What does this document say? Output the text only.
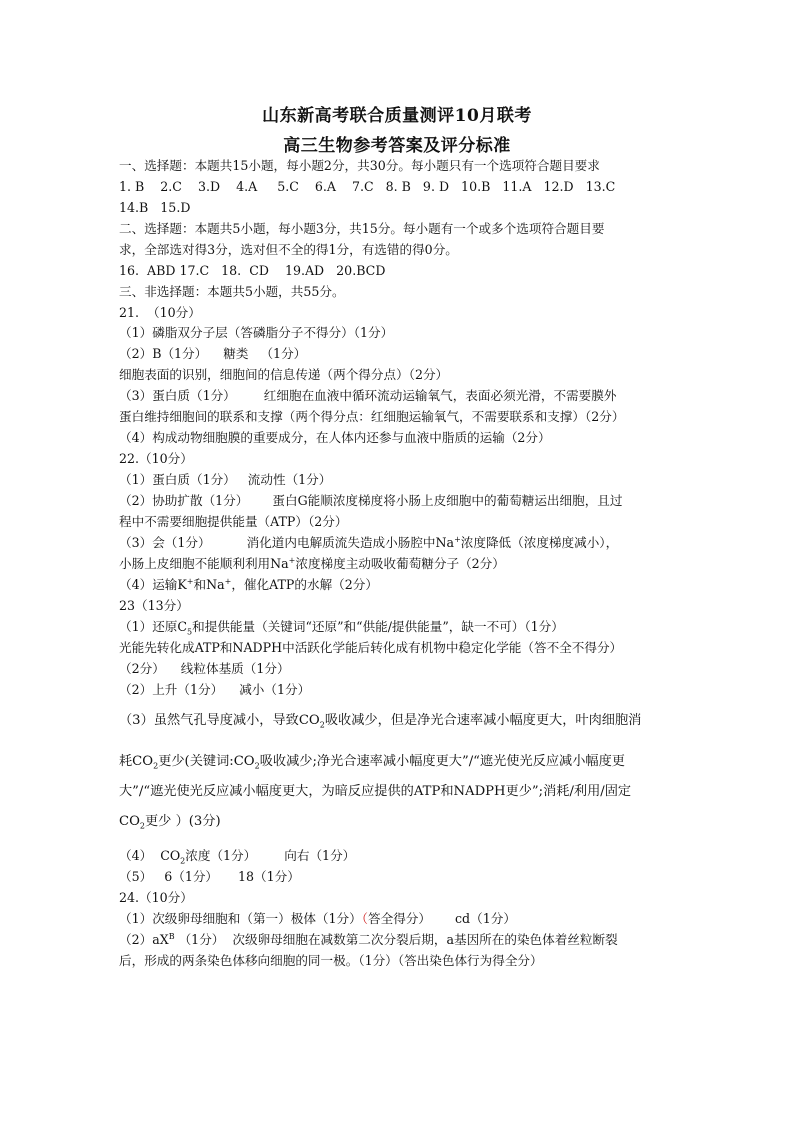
山东新高考联合质量测评10月联考
高三生物参考答案及评分标准
一、选择题：本题共15小题，每小题2分，共30分。每小题只有一个选项符合题目要求
1. B    2.C    3.D    4.A     5.C    6.A    7.C   8. B   9. D   10.B   11.A   12.D   13.C
14.B   15.D
二、选择题：本题共5小题，每小题3分，共15分。每小题有一个或多个选项符合题目要
求，全部选对得3分，选对但不全的得1分，有选错的得0分。
16.  ABD 17.C   18.  CD    19.AD   20.BCD
三、非选择题：本题共5小题，共55分。
21.  （10分）
（1）磷脂双分子层（答磷脂分子不得分）（1分）
（2）B（1分）    糖类   （1分）
细胞表面的识别，细胞间的信息传递（两个得分点）（2分）
（3）蛋白质（1分）       红细胞在血液中循环流动运输氧气，表面必须光滑，不需要膜外
蛋白维持细胞间的联系和支撑（两个得分点：红细胞运输氧气，不需要联系和支撑）（2分）
（4）构成动物细胞膜的重要成分，在人体内还参与血液中脂质的运输（2分）
22.（10分）
（1）蛋白质（1分）   流动性（1分）
（2）协助扩散（1分）      蛋白G能顺浓度梯度将小肠上皮细胞中的葡萄糖运出细胞，且过
程中不需要细胞提供能量（ATP）（2分）
（3）会（1分）         消化道内电解质流失造成小肠腔中Na+浓度降低（浓度梯度减小），
小肠上皮细胞不能顺利利用Na+浓度梯度主动吸收葡萄糖分子（2分）
（4）运输K+和Na+，催化ATP的水解（2分）
23（13分）
（1）还原$C_5$和提供能量（关键词“还原”和“供能/提供能量”，缺一不可）（1分）
光能先转化成ATP和NADPH中活跃化学能后转化成有机物中稳定化学能（答不全不得分）
（2分）    线粒体基质（1分）
（2）上升（1分）    减小（1分）
（3）虽然气孔导度减小，导致$CO_2$吸收减少，但是净光合速率减小幅度更大，叶肉细胞消
耗$CO_2$更少(关键词$:CO_2$吸收减少;净光合速率减小幅度更大”/“遮光使光反应减小幅度更
大”/“遮光使光反应减小幅度更大，为暗反应提供的ATP和NADPH更少”;消耗/利用/固定
$CO_2$更少 ）(3分)
（4）  $CO_2$浓度（1分）       向右（1分）
（5）   6（1分）     18（1分）
24.（10分）
（1）次级卵母细胞和（第一）极体（1分）（答全得分）      cd（1分）
$(2)aX^B$ （1分）  次级卵母细胞在减数第二次分裂后期，a基因所在的染色体着丝粒断裂
后，形成的两条染色体移向细胞的同一极。（1分）（答出染色体行为得全分）
